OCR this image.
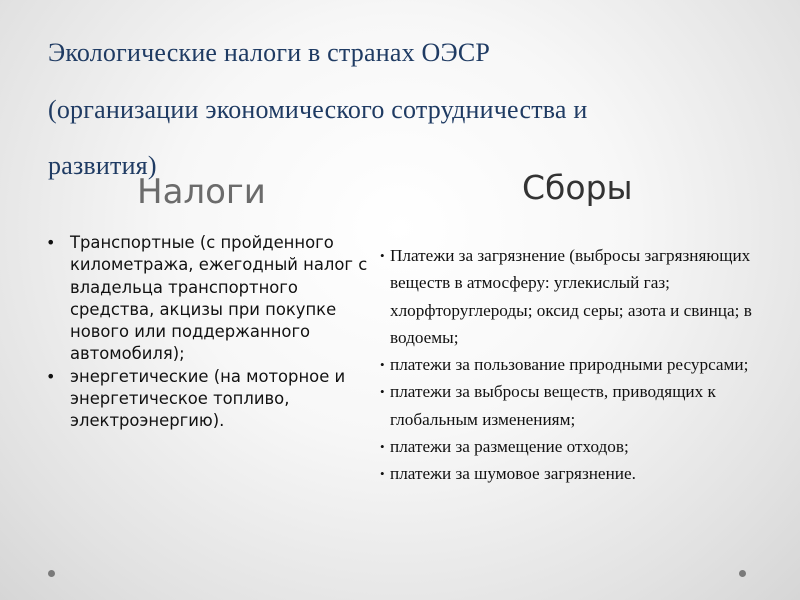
Экологические налоги в странах ОЭСР
(организации экономического сотрудничества и
развития)
Налоги	Сборы

• Транспортные (с пройденного километража, ежегодный налог с владельца транспортного средства, акцизы при покупке нового или поддержанного автомобиля);

• энергетические (на моторное и энергетическое топливо, электроэнергию).

• Платежи за загрязнение (выбросы загрязняющих веществ в атмосферу: углекислый газ; хлорфторуглероды; оксид серы; азота и свинца; в водоемы;

• платежи за пользование природными ресурсами;

• платежи за выбросы веществ, приводящих к глобальным изменениям;

• платежи за размещение отходов;

• платежи за шумовое загрязнение.
